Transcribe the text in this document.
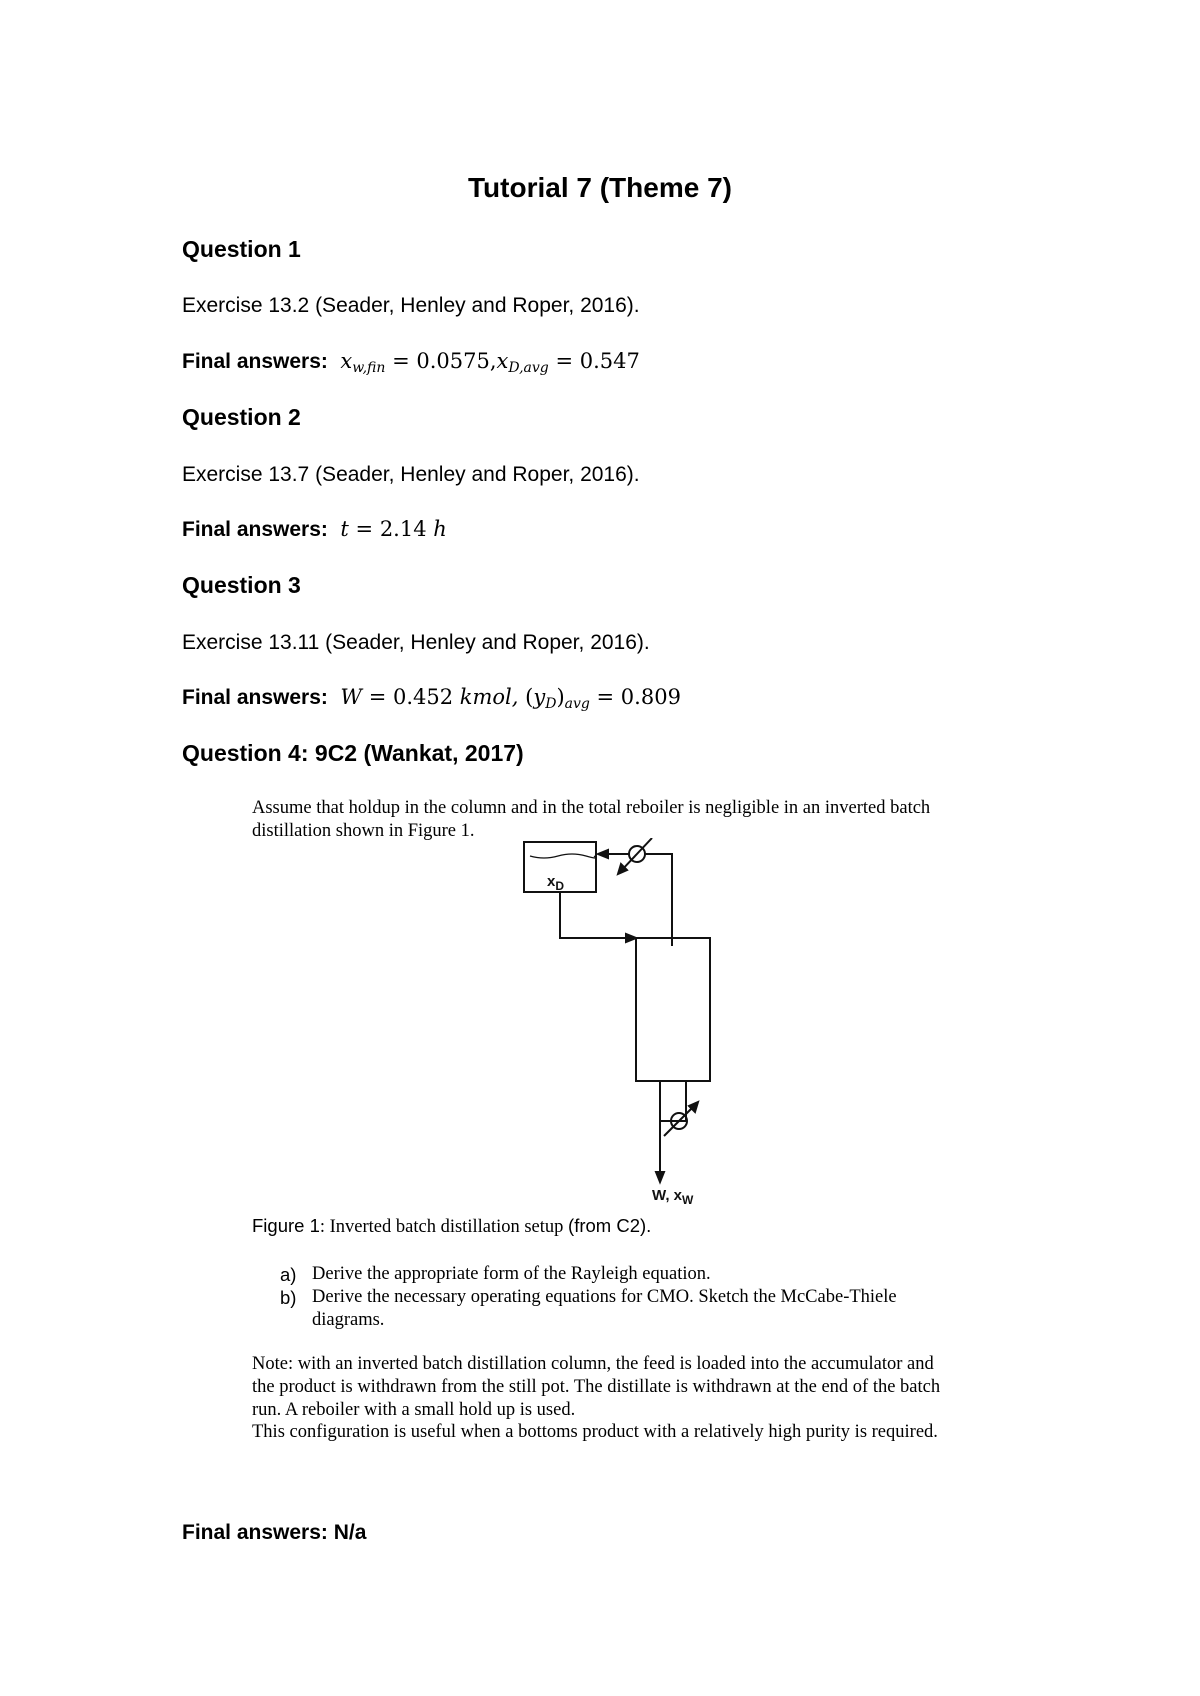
Tutorial 7 (Theme 7)
Question 1
Exercise 13.2 (Seader, Henley and Roper, 2016).
Final answers: $x_{w,fin} = 0.0575,x_{D,avg} = 0.547$
Question 2
Exercise 13.7 (Seader, Henley and Roper, 2016).
Final answers: t = 2.14 h
Question 3
Exercise 13.11 (Seader, Henley and Roper, 2016).
Final answers: W = 0.452 kmol, $(y_D)_{avg} = 0.809$
Question 4: 9C2 (Wankat, 2017)
Assume that holdup in the column and in the total reboiler is negligible in an inverted batch distillation shown in Figure 1.
$x_D$
W, $x_W$
Figure 1: Inverted batch distillation setup (from C2).
a) Derive the appropriate form of the Rayleigh equation.
b) Derive the necessary operating equations for CMO. Sketch the McCabe-Thiele diagrams.
Note: with an inverted batch distillation column, the feed is loaded into the accumulator and
the product is withdrawn from the still pot. The distillate is withdrawn at the end of the batch
run. A reboiler with a small hold up is used.
This configuration is useful when a bottoms product with a relatively high purity is required.
Final answers: N/a
